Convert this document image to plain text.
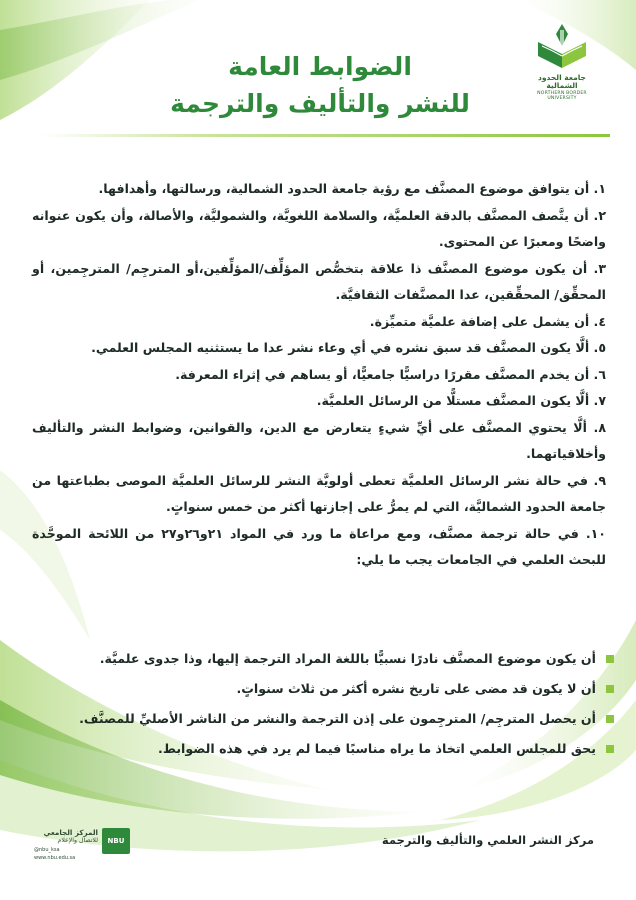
جامعة الحدود الشمالية
NORTHERN BORDER UNIVERSITY
الضوابط العامة
للنشر والتأليف والترجمة
١. أن يتوافق موضوع المصنَّف مع رؤية جامعة الحدود الشمالية، ورسالتها، وأهدافها.
٢. أن يتَّصف المصنَّف بالدقة العلميَّة، والسلامة اللغويَّة، والشموليَّة، والأصالة، وأن يكون عنوانه واضحًا ومعبرًا عن المحتوى.
٣. أن يكون موضوع المصنَّف ذا علاقة بتخصُّص المؤلِّف/المؤلِّفين،أو المترجِم/ المترجِمين، أو المحقِّق/ المحقِّقين، عدا المصنَّفات الثقافيَّة.
٤. أن يشمل على إضافة علميَّة متميِّزة.
٥. ألَّا يكون المصنَّف قد سبق نشره في أي وعاء نشر عدا ما يستثنيه المجلس العلمي.
٦. أن يخدم المصنَّف مقررًا دراسيًّا جامعيًّا، أو يساهم في إثراء المعرفة.
٧. ألَّا يكون المصنَّف مستلًّا من الرسائل العلميَّة.
٨. ألَّا يحتوي المصنَّف على أيِّ شيءٍ يتعارض مع الدين، والقوانين، وضوابط النشر والتأليف وأخلاقياتهما.
٩. في حالة نشر الرسائل العلميَّة تعطى أولويَّة النشر للرسائل العلميَّة الموصى بطباعتها من جامعة الحدود الشماليَّة، التي لم يمرُّ على إجازتها أكثر من خمس سنواتٍ.
١٠. في حالة ترجمة مصنَّف، ومع مراعاة ما ورد في المواد ٢١و٢٦و٢٧ من اللائحة الموحَّدة للبحث العلمي في الجامعات يجب ما يلي:
أن يكون موضوع المصنَّف نادرًا نسبيًّا باللغة المراد الترجمة إليها، وذا جدوى علميَّة.
أن لا يكون قد مضى على تاريخ نشره أكثر من ثلاث سنواتٍ.
أن يحصل المترجِم/ المترجِمون على إذن الترجمة والنشر من الناشر الأصليِّ للمصنَّف.
يحق للمجلس العلمي اتخاذ ما يراه مناسبًا فيما لم يرد في هذه الضوابط.
مركز النشر العلمي والتأليف والترجمة
NBU
المركز الجامعي
للاتصال والإعلام
@nbu_ksa
www.nbu.edu.sa
